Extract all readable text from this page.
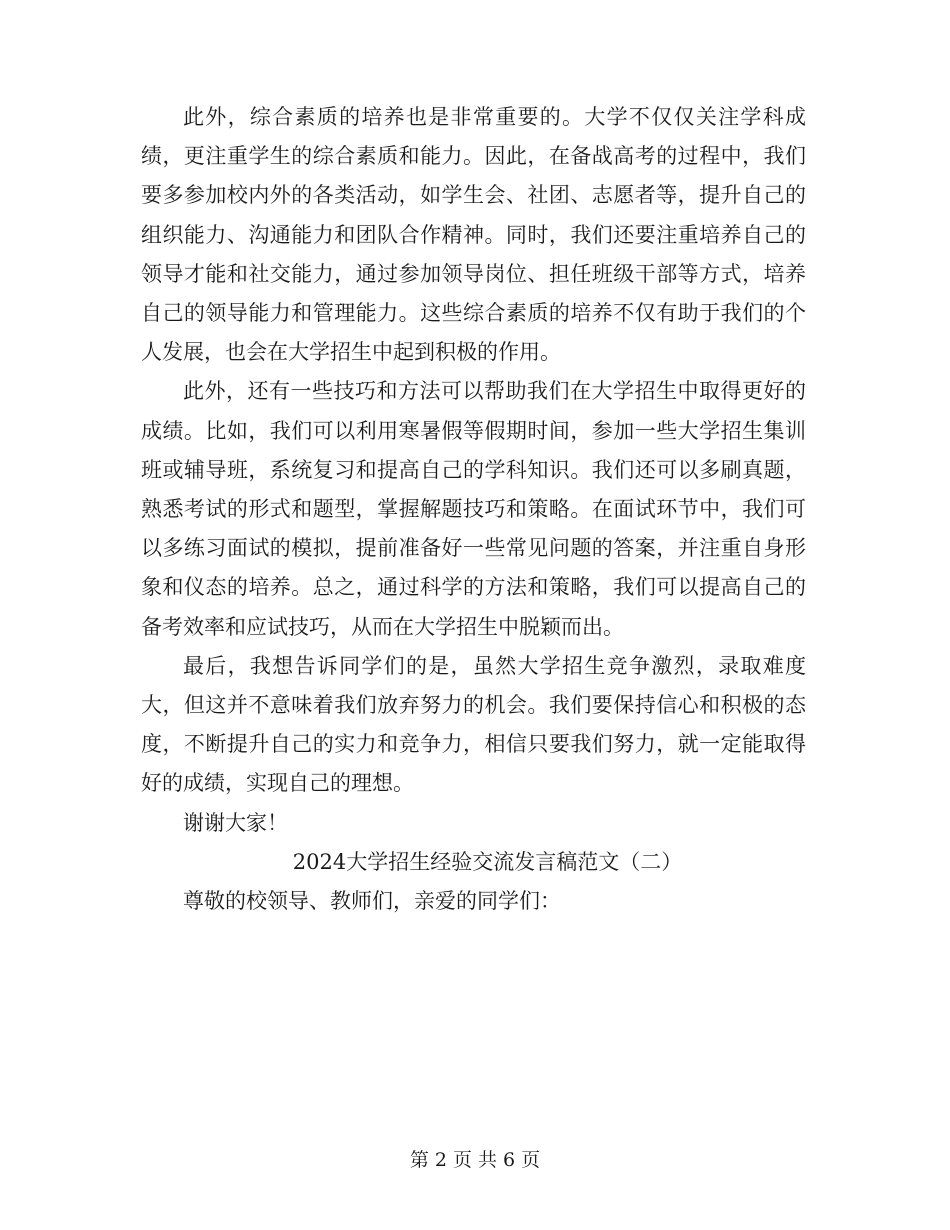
此外，综合素质的培养也是非常重要的。大学不仅仅关注学科成绩，更注重学生的综合素质和能力。因此，在备战高考的过程中，我们要多参加校内外的各类活动，如学生会、社团、志愿者等，提升自己的组织能力、沟通能力和团队合作精神。同时，我们还要注重培养自己的领导才能和社交能力，通过参加领导岗位、担任班级干部等方式，培养自己的领导能力和管理能力。这些综合素质的培养不仅有助于我们的个人发展，也会在大学招生中起到积极的作用。

此外，还有一些技巧和方法可以帮助我们在大学招生中取得更好的成绩。比如，我们可以利用寒暑假等假期时间，参加一些大学招生集训班或辅导班，系统复习和提高自己的学科知识。我们还可以多刷真题，熟悉考试的形式和题型，掌握解题技巧和策略。在面试环节中，我们可以多练习面试的模拟，提前准备好一些常见问题的答案，并注重自身形象和仪态的培养。总之，通过科学的方法和策略，我们可以提高自己的备考效率和应试技巧，从而在大学招生中脱颖而出。

最后，我想告诉同学们的是，虽然大学招生竞争激烈，录取难度大，但这并不意味着我们放弃努力的机会。我们要保持信心和积极的态度，不断提升自己的实力和竞争力，相信只要我们努力，就一定能取得好的成绩，实现自己的理想。

谢谢大家！

2024大学招生经验交流发言稿范文（二）

尊敬的校领导、教师们，亲爱的同学们：

第 2 页 共 6 页
